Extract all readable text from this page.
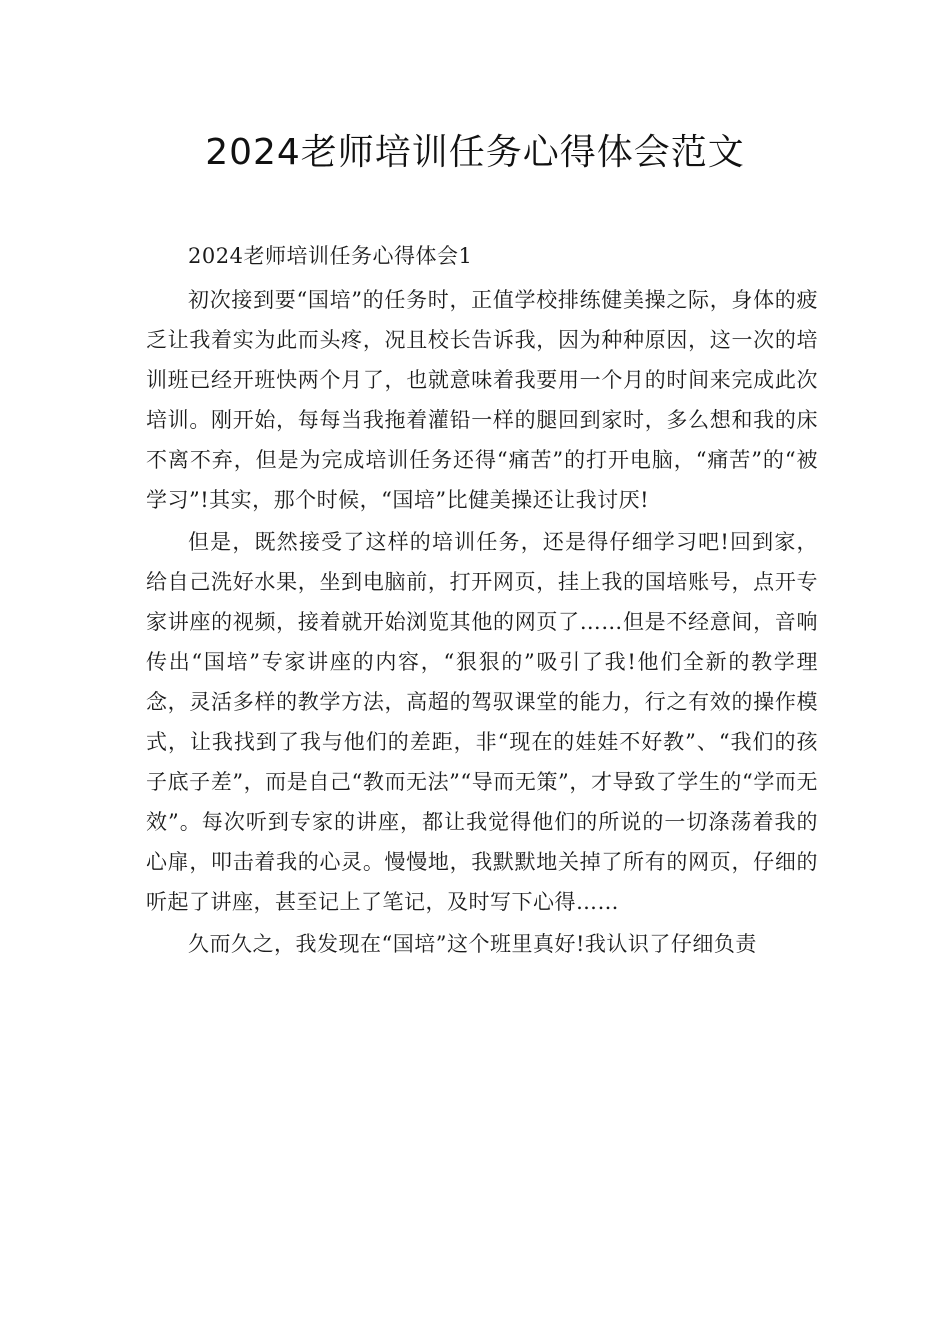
2024老师培训任务心得体会范文

2024老师培训任务心得体会1

初次接到要“国培”的任务时，正值学校排练健美操之际，身体的疲乏让我着实为此而头疼，况且校长告诉我，因为种种原因，这一次的培训班已经开班快两个月了，也就意味着我要用一个月的时间来完成此次培训。刚开始，每每当我拖着灌铅一样的腿回到家时，多么想和我的床不离不弃，但是为完成培训任务还得“痛苦”的打开电脑，“痛苦”的“被学习”!其实，那个时候，“国培”比健美操还让我讨厌!

但是，既然接受了这样的培训任务，还是得仔细学习吧!回到家，给自己洗好水果，坐到电脑前，打开网页，挂上我的国培账号，点开专家讲座的视频，接着就开始浏览其他的网页了……但是不经意间，音响传出“国培”专家讲座的内容，“狠狠的”吸引了我!他们全新的教学理念，灵活多样的教学方法，高超的驾驭课堂的能力，行之有效的操作模式，让我找到了我与他们的差距，非“现在的娃娃不好教”、“我们的孩子底子差”，而是自己“教而无法”“导而无策”，才导致了学生的“学而无效”。每次听到专家的讲座，都让我觉得他们的所说的一切涤荡着我的心扉，叩击着我的心灵。慢慢地，我默默地关掉了所有的网页，仔细的听起了讲座，甚至记上了笔记，及时写下心得……

久而久之，我发现在“国培”这个班里真好!我认识了仔细负责
